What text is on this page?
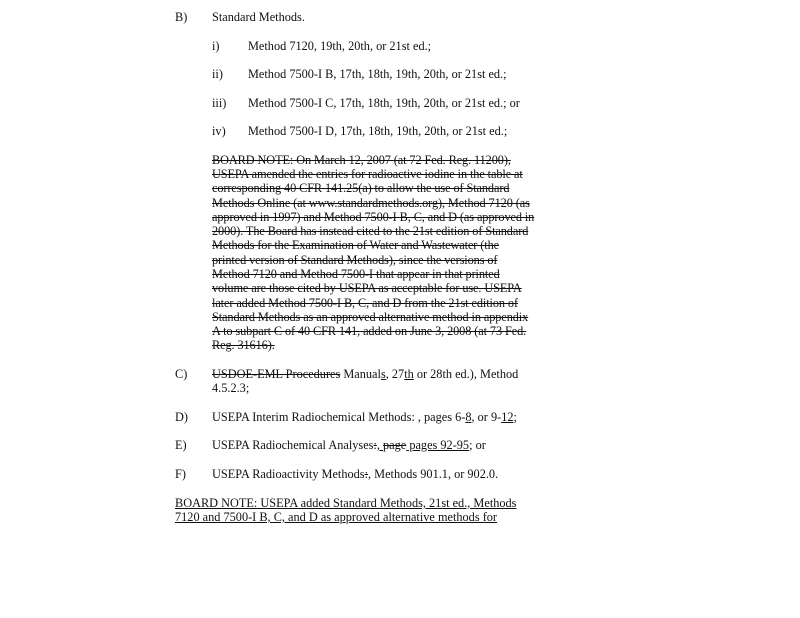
B) Standard Methods.
i) Method 7120, 19th, 20th, or 21st ed.;
ii) Method 7500-I B, 17th, 18th, 19th, 20th, or 21st ed.;
iii) Method 7500-I C, 17th, 18th, 19th, 20th, or 21st ed.; or
iv) Method 7500-I D, 17th, 18th, 19th, 20th, or 21st ed.;
BOARD NOTE: On March 12, 2007 (at 72 Fed. Reg. 11200),
USEPA amended the entries for radioactive iodine in the table at
corresponding 40 CFR 141.25(a) to allow the use of Standard
Methods Online (at www.standardmethods.org), Method 7120 (as
approved in 1997) and Method 7500-I B, C, and D (as approved in
2000). The Board has instead cited to the 21st edition of Standard
Methods for the Examination of Water and Wastewater (the
printed version of Standard Methods), since the versions of
Method 7120 and Method 7500-I that appear in that printed
volume are those cited by USEPA as acceptable for use. USEPA
later added Method 7500-I B, C, and D from the 21st edition of
Standard Methods as an approved alternative method in appendix
A to subpart C of 40 CFR 141, added on June 3, 2008 (at 73 Fed.
Reg. 31616).
C) USDOE-EML Procedures Manuals, 27th or 28th ed.), Method
4.5.2.3;
D) USEPA Interim Radiochemical Methods: , pages 6-8, or 9-12;
E) USEPA Radiochemical Analyses:, page pages 92-95; or
F) USEPA Radioactivity Methods:, Methods 901.1, or 902.0.
BOARD NOTE: USEPA added Standard Methods, 21st ed., Methods
7120 and 7500-I B, C, and D as approved alternative methods for
